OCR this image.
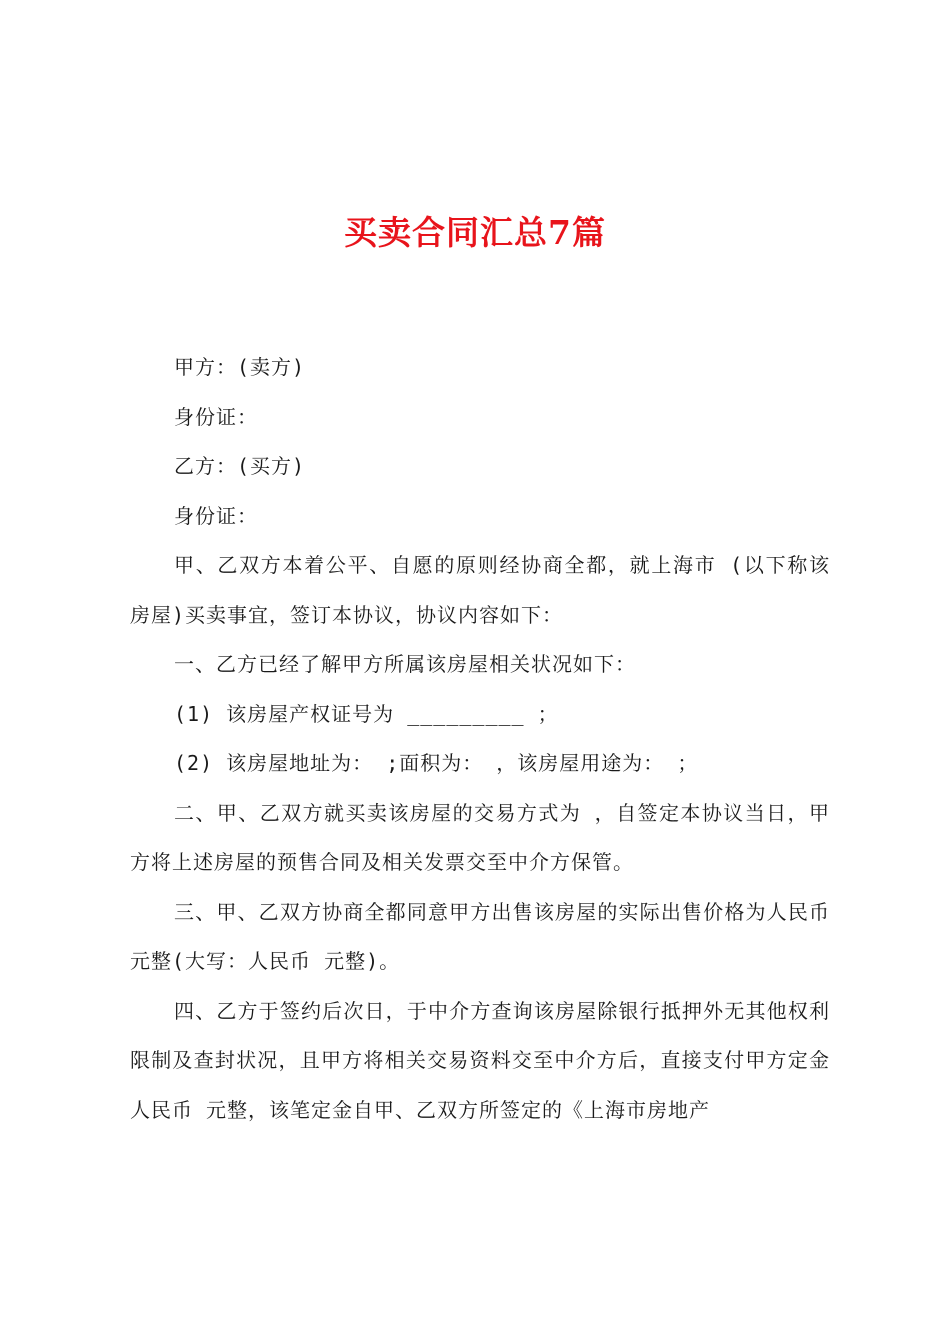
买卖合同汇总7篇

甲方：(卖方)

身份证：

乙方：(买方)

身份证：

甲、乙双方本着公平、自愿的原则经协商全都，就上海市 (以下称该房屋)买卖事宜，签订本协议，协议内容如下：

一、乙方已经了解甲方所属该房屋相关状况如下：

(1) 该房屋产权证号为 _________ ；

(2) 该房屋地址为： ;面积为： ，该房屋用途为： ；

二、甲、乙双方就买卖该房屋的交易方式为 ，自签定本协议当日，甲方将上述房屋的预售合同及相关发票交至中介方保管。

三、甲、乙双方协商全都同意甲方出售该房屋的实际出售价格为人民币 元整(大写：人民币 元整)。

四、乙方于签约后次日，于中介方查询该房屋除银行抵押外无其他权利限制及查封状况，且甲方将相关交易资料交至中介方后，直接支付甲方定金人民币 元整，该笔定金自甲、乙双方所签定的《上海市房地产
